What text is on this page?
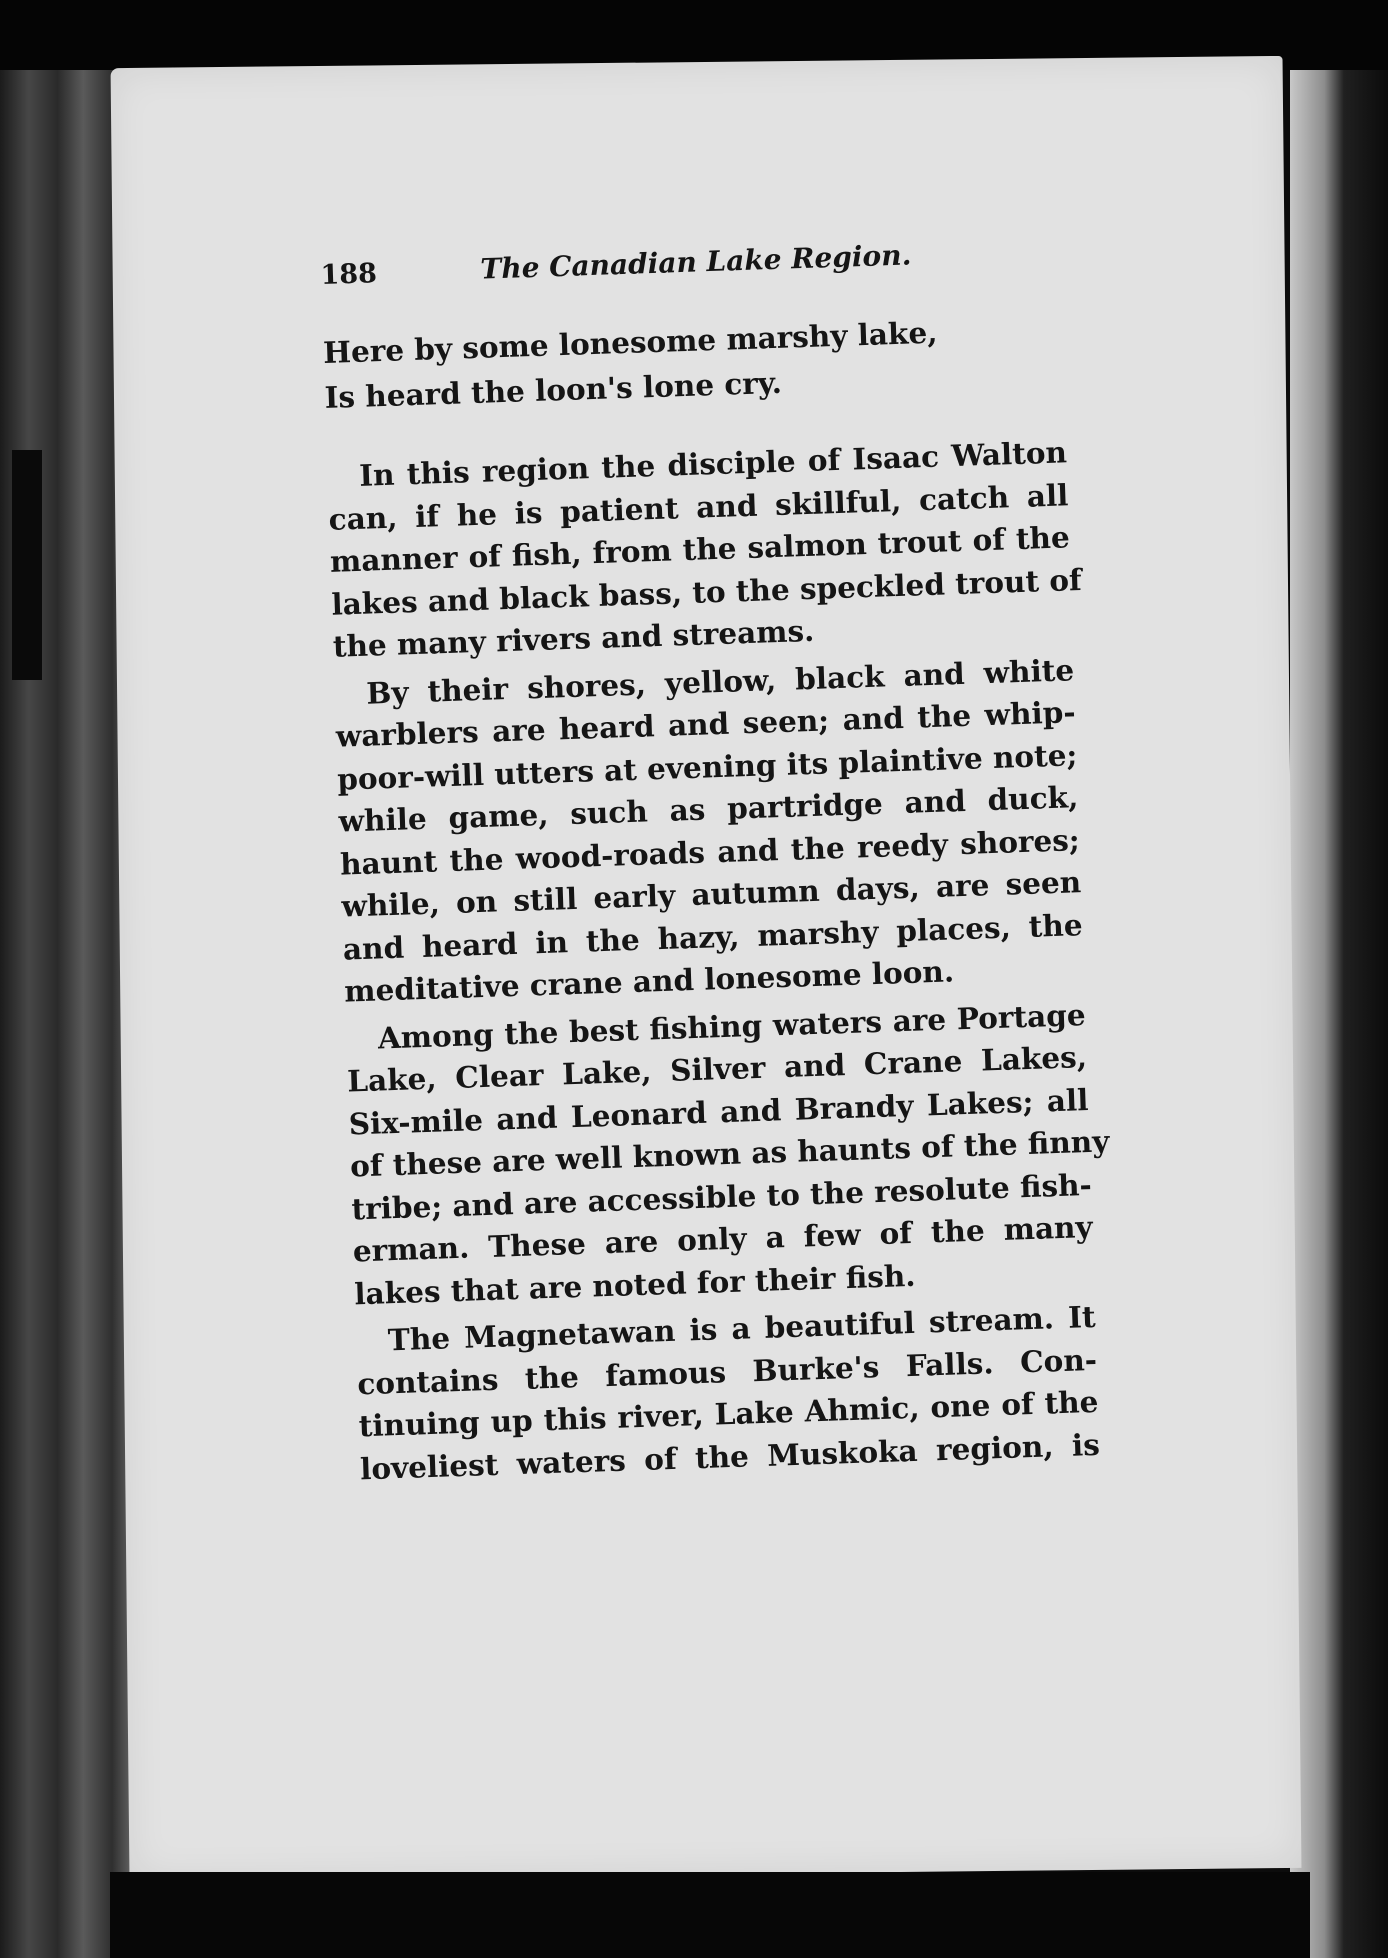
188	The Canadian Lake Region.
Here by some lonesome marshy lake,
Is heard the loon's lone cry.
In this region the disciple of Isaac Walton
can, if he is patient and skillful, catch all
manner of fish, from the salmon trout of the
lakes and black bass, to the speckled trout of
the many rivers and streams.
By their shores, yellow, black and white
warblers are heard and seen; and the whip-
poor-will utters at evening its plaintive note;
while game, such as partridge and duck,
haunt the wood-roads and the reedy shores;
while, on still early autumn days, are seen
and heard in the hazy, marshy places, the
meditative crane and lonesome loon.
Among the best fishing waters are Portage
Lake, Clear Lake, Silver and Crane Lakes,
Six-mile and Leonard and Brandy Lakes; all
of these are well known as haunts of the finny
tribe; and are accessible to the resolute fish-
erman. These are only a few of the many
lakes that are noted for their fish.
The Magnetawan is a beautiful stream. It
contains the famous Burke's Falls. Con-
tinuing up this river, Lake Ahmic, one of the
loveliest waters of the Muskoka region, is
